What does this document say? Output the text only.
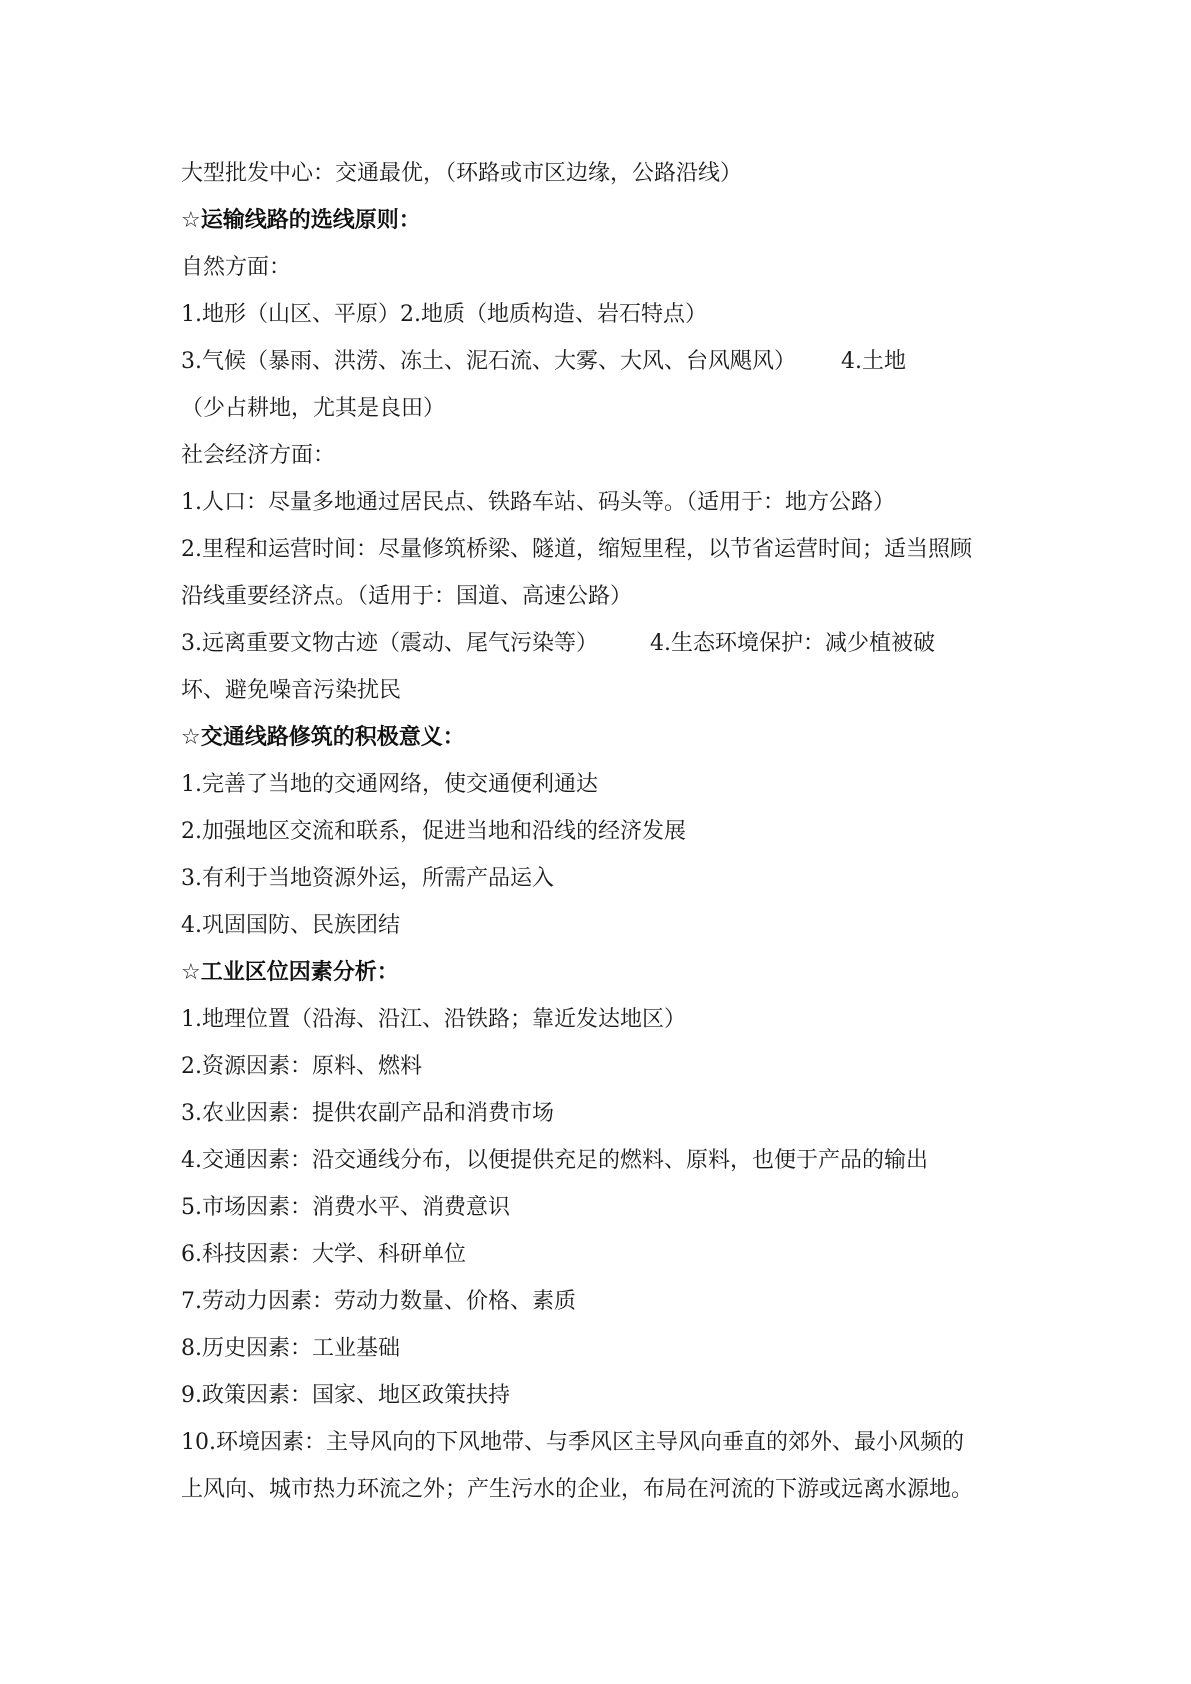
大型批发中心：交通最优，（环路或市区边缘，公路沿线）
☆运输线路的选线原则：
自然方面：
1.地形（山区、平原）2.地质（地质构造、岩石特点）
3.气候（暴雨、洪涝、冻土、泥石流、大雾、大风、台风飓风） 4.土地
（少占耕地，尤其是良田）
社会经济方面：
1.人口：尽量多地通过居民点、铁路车站、码头等。（适用于：地方公路）
2.里程和运营时间：尽量修筑桥梁、隧道，缩短里程，以节省运营时间；适当照顾
沿线重要经济点。（适用于：国道、高速公路）
3.远离重要文物古迹（震动、尾气污染等） 4.生态环境保护：减少植被破
坏、避免噪音污染扰民
☆交通线路修筑的积极意义：
1.完善了当地的交通网络，使交通便利通达
2.加强地区交流和联系，促进当地和沿线的经济发展
3.有利于当地资源外运，所需产品运入
4.巩固国防、民族团结
☆工业区位因素分析：
1.地理位置（沿海、沿江、沿铁路；靠近发达地区）
2.资源因素：原料、燃料
3.农业因素：提供农副产品和消费市场
4.交通因素：沿交通线分布，以便提供充足的燃料、原料，也便于产品的输出
5.市场因素：消费水平、消费意识
6.科技因素：大学、科研单位
7.劳动力因素：劳动力数量、价格、素质
8.历史因素：工业基础
9.政策因素：国家、地区政策扶持
10.环境因素：主导风向的下风地带、与季风区主导风向垂直的郊外、最小风频的
上风向、城市热力环流之外；产生污水的企业，布局在河流的下游或远离水源地。
